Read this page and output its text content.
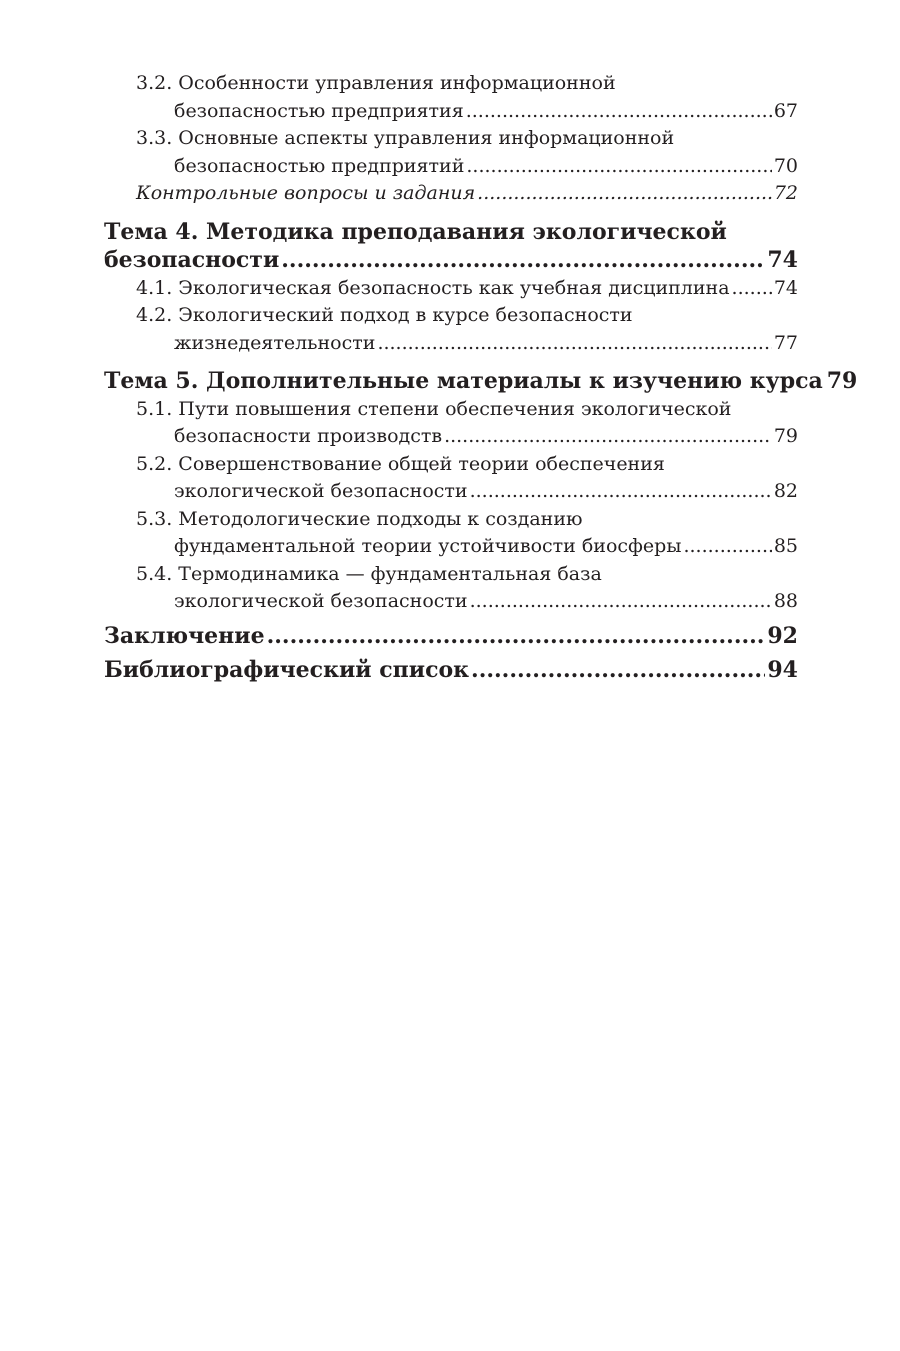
3.2. Особенности управления информационной
безопасностью предприятия .....	67
3.3. Основные аспекты управления информационной
безопасностью предприятий .....	70
Контрольные вопросы и задания .....	72
Тема 4. Методика преподавания экологической
безопасности .....	74
4.1. Экологическая безопасность как учебная дисциплина ..... 74
4.2. Экологический подход в курсе безопасности
жизнедеятельности .....	77
Тема 5. Дополнительные материалы к изучению курса 79
5.1. Пути повышения степени обеспечения экологической
безопасности производств .....	79
5.2. Совершенствование общей теории обеспечения
экологической безопасности .....	82
5.3. Методологические подходы к созданию
фундаментальной теории устойчивости биосферы .....	85
5.4. Термодинамика — фундаментальная база
экологической безопасности .....	88
Заключение .....	92
Библиографический список .....	94
